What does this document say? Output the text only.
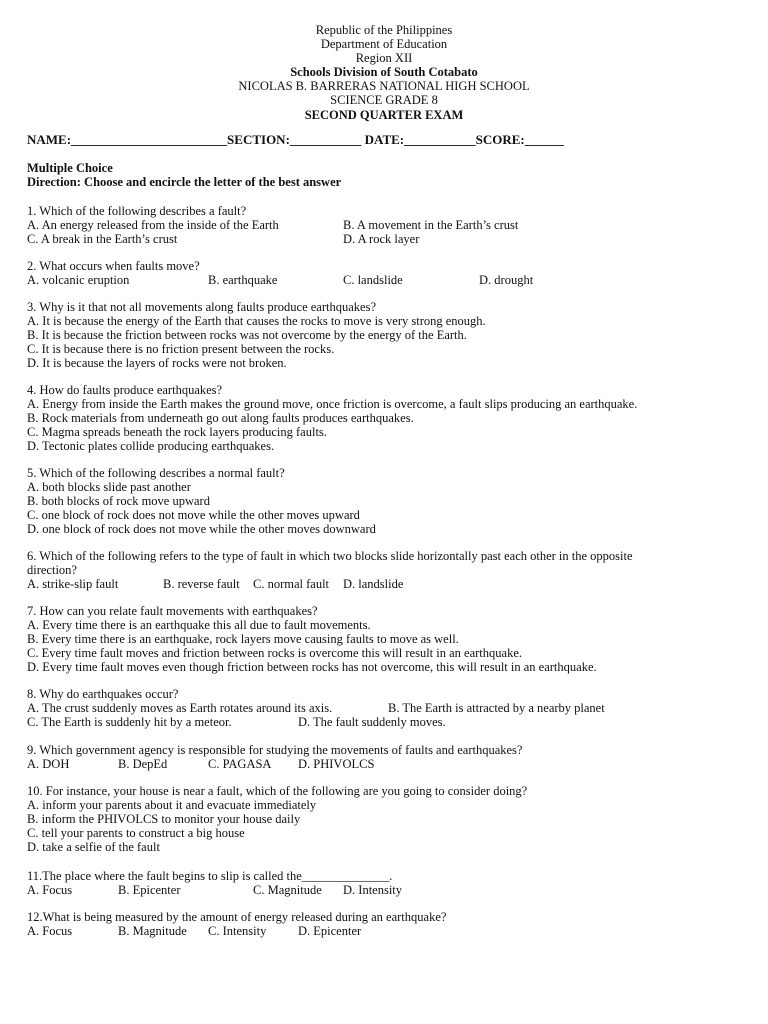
Republic of the Philippines
Department of Education
Region XII
Schools Division of South Cotabato
NICOLAS B. BARRERAS NATIONAL HIGH SCHOOL
SCIENCE GRADE 8
SECOND QUARTER EXAM
NAME:________________________SECTION:___________ DATE:___________SCORE:______
Multiple Choice
Direction: Choose and encircle the letter of the best answer
1. Which of the following describes a fault?
A. An energy released from the inside of the Earth	B. A movement in the Earth’s crust
C. A break in the Earth’s crust	D. A rock layer
2. What occurs when faults move?
A. volcanic eruption	B. earthquake	C. landslide	D. drought
3. Why is it that not all movements along faults produce earthquakes?
A. It is because the energy of the Earth that causes the rocks to move is very strong enough.
B. It is because the friction between rocks was not overcome by the energy of the Earth.
C. It is because there is no friction present between the rocks.
D. It is because the layers of rocks were not broken.
4. How do faults produce earthquakes?
A. Energy from inside the Earth makes the ground move, once friction is overcome, a fault slips producing an earthquake.
B. Rock materials from underneath go out along faults produces earthquakes.
C. Magma spreads beneath the rock layers producing faults.
D. Tectonic plates collide producing earthquakes.
5. Which of the following describes a normal fault?
A. both blocks slide past another
B. both blocks of rock move upward
C. one block of rock does not move while the other moves upward
D. one block of rock does not move while the other moves downward
6. Which of the following refers to the type of fault in which two blocks slide horizontally past each other in the opposite
direction?
A. strike-slip fault	B. reverse fault C. normal fault D. landslide
7. How can you relate fault movements with earthquakes?
A. Every time there is an earthquake this all due to fault movements.
B. Every time there is an earthquake, rock layers move causing faults to move as well.
C. Every time fault moves and friction between rocks is overcome this will result in an earthquake.
D. Every time fault moves even though friction between rocks has not overcome, this will result in an earthquake.
8. Why do earthquakes occur?
A. The crust suddenly moves as Earth rotates around its axis.	B. The Earth is attracted by a nearby planet
C. The Earth is suddenly hit by a meteor.	D. The fault suddenly moves.
9. Which government agency is responsible for studying the movements of faults and earthquakes?
A. DOH	B. DepEd	C. PAGASA D. PHIVOLCS
10. For instance, your house is near a fault, which of the following are you going to consider doing?
A. inform your parents about it and evacuate immediately
B. inform the PHIVOLCS to monitor your house daily
C. tell your parents to construct a big house
D. take a selfie of the fault
11.The place where the fault begins to slip is called the______________.
A. Focus	B. Epicenter	C. Magnitude D. Intensity
12.What is being measured by the amount of energy released during an earthquake?
A. Focus	B. Magnitude C. Intensity	D. Epicenter
